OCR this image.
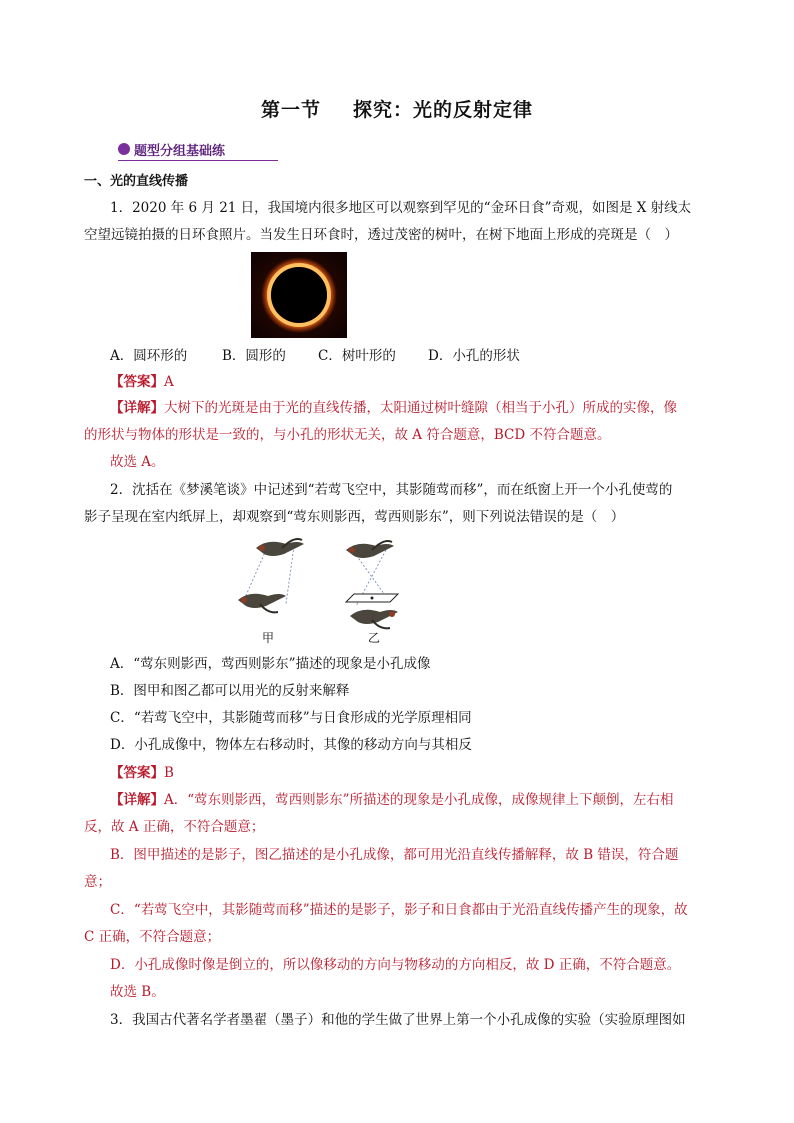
第一节 探究：光的反射定律
题型分组基础练
一、光的直线传播
1．2020 年 6 月 21 日，我国境内很多地区可以观察到罕见的“金环日食”奇观，如图是 X 射线太
空望远镜拍摄的日环食照片。当发生日环食时，透过茂密的树叶，在树下地面上形成的亮斑是（　）
A．圆环形的	B．圆形的 C．树叶形的 D．小孔的形状
【答案】A
【详解】大树下的光斑是由于光的直线传播，太阳通过树叶缝隙（相当于小孔）所成的实像，像
的形状与物体的形状是一致的，与小孔的形状无关，故 A 符合题意，BCD 不符合题意。
故选 A。
2．沈括在《梦溪笔谈》中记述到“若莺飞空中，其影随莺而移”，而在纸窗上开一个小孔使莺的
影子呈现在室内纸屏上，却观察到“莺东则影西，莺西则影东”，则下列说法错误的是（　）
甲	乙
A．“莺东则影西，莺西则影东”描述的现象是小孔成像
B．图甲和图乙都可以用光的反射来解释
C．“若莺飞空中，其影随莺而移”与日食形成的光学原理相同
D．小孔成像中，物体左右移动时，其像的移动方向与其相反
【答案】B
【详解】A．“莺东则影西，莺西则影东”所描述的现象是小孔成像，成像规律上下颠倒，左右相
反，故 A 正确，不符合题意；
B．图甲描述的是影子，图乙描述的是小孔成像，都可用光沿直线传播解释，故 B 错误，符合题
意；
C．“若莺飞空中，其影随莺而移”描述的是影子，影子和日食都由于光沿直线传播产生的现象，故
C 正确，不符合题意；
D．小孔成像时像是倒立的，所以像移动的方向与物移动的方向相反，故 D 正确，不符合题意。
故选 B。
3．我国古代著名学者墨翟（墨子）和他的学生做了世界上第一个小孔成像的实验（实验原理图如
